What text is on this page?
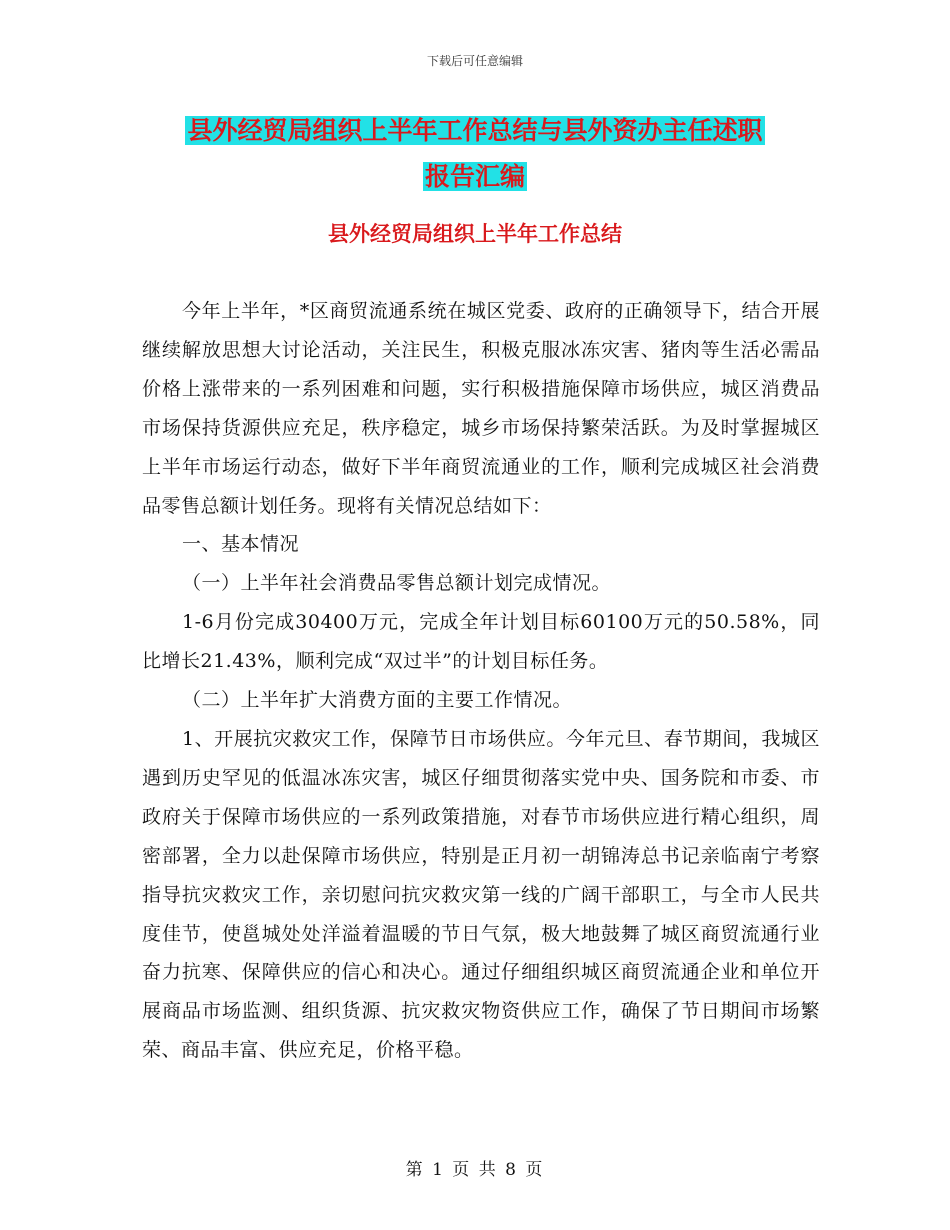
下载后可任意编辑
县外经贸局组织上半年工作总结与县外资办主任述职
报告汇编
县外经贸局组织上半年工作总结

今年上半年，*区商贸流通系统在城区党委、政府的正确领导下，结合开展继续解放思想大讨论活动，关注民生，积极克服冰冻灾害、猪肉等生活必需品价格上涨带来的一系列困难和问题，实行积极措施保障市场供应，城区消费品市场保持货源供应充足，秩序稳定，城乡市场保持繁荣活跃。为及时掌握城区上半年市场运行动态，做好下半年商贸流通业的工作，顺利完成城区社会消费品零售总额计划任务。现将有关情况总结如下：

一、基本情况

（一）上半年社会消费品零售总额计划完成情况。

1-6月份完成30400万元，完成全年计划目标60100万元的50.58%，同比增长21.43%，顺利完成“双过半”的计划目标任务。

（二）上半年扩大消费方面的主要工作情况。

1、开展抗灾救灾工作，保障节日市场供应。今年元旦、春节期间，我城区遇到历史罕见的低温冰冻灾害，城区仔细贯彻落实党中央、国务院和市委、市政府关于保障市场供应的一系列政策措施，对春节市场供应进行精心组织，周密部署，全力以赴保障市场供应，特别是正月初一胡锦涛总书记亲临南宁考察指导抗灾救灾工作，亲切慰问抗灾救灾第一线的广阔干部职工，与全市人民共度佳节，使邕城处处洋溢着温暖的节日气氛，极大地鼓舞了城区商贸流通行业奋力抗寒、保障供应的信心和决心。通过仔细组织城区商贸流通企业和单位开展商品市场监测、组织货源、抗灾救灾物资供应工作，确保了节日期间市场繁荣、商品丰富、供应充足，价格平稳。

第 1 页 共 8 页
